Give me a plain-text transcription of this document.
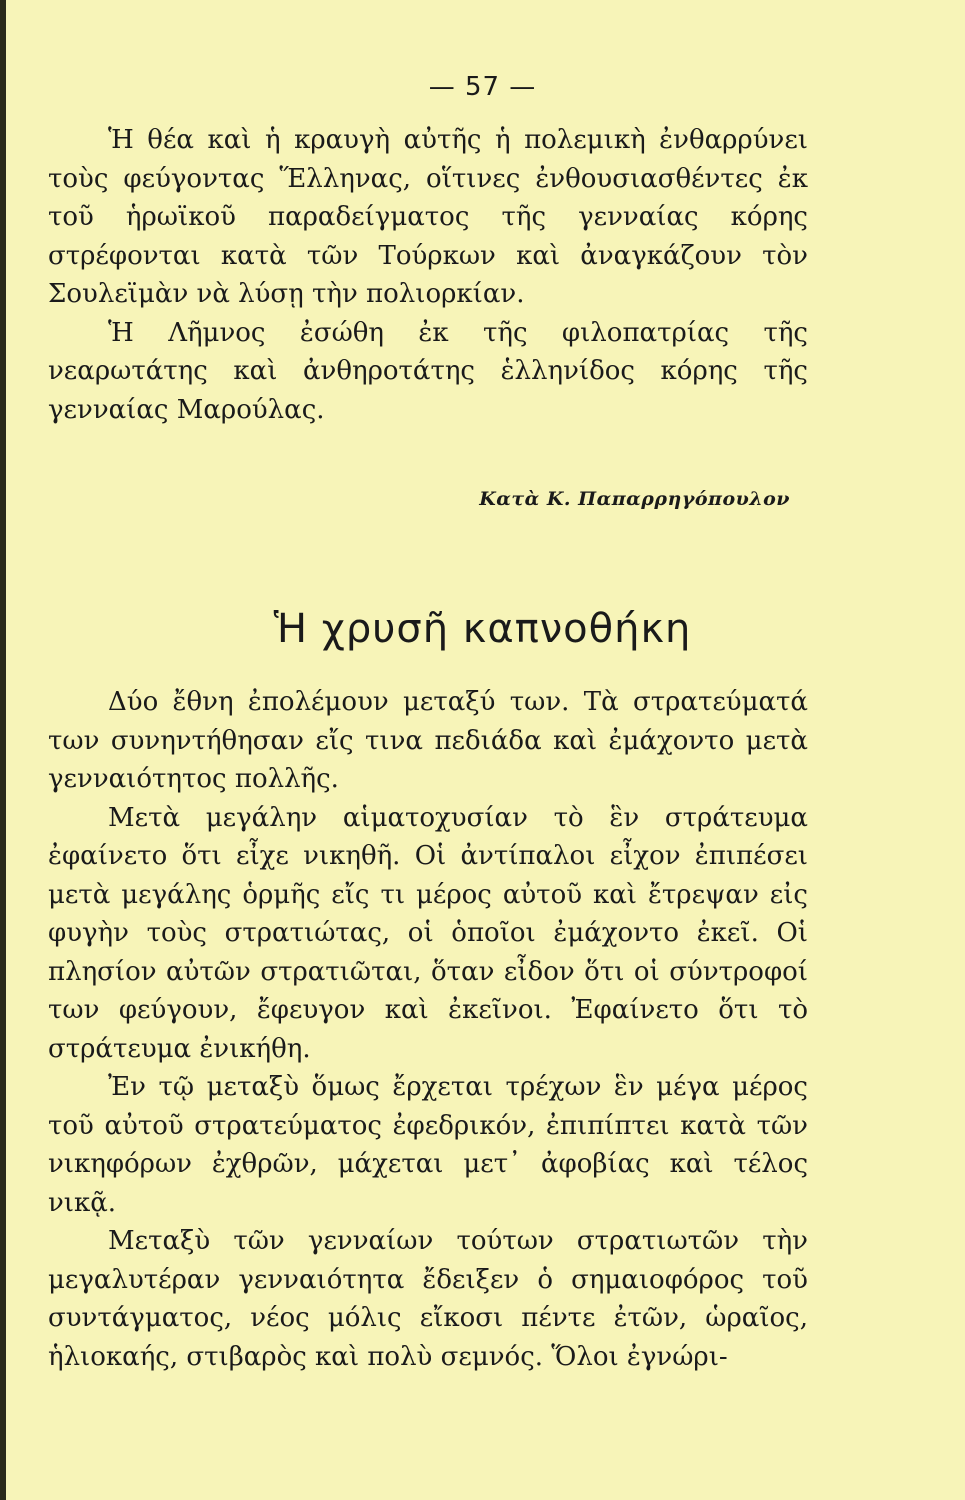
— 57 —

Ἡ θέα καὶ ἡ κραυγὴ αὐτῆς ἡ πολεμικὴ ἐνθαρρύνει τοὺς φεύγοντας Ἕλληνας, οἵτινες ἐνθουσιασθέντες ἐκ τοῦ ἡρωϊκοῦ παραδείγματος τῆς γενναίας κόρης στρέφονται κατὰ τῶν Τούρκων καὶ ἀναγκάζουν τὸν Σουλεϊμὰν νὰ λύσῃ τὴν πολιορκίαν.

Ἡ Λῆμνος ἐσώθη ἐκ τῆς φιλοπατρίας τῆς νεαρωτάτης καὶ ἀνθηροτάτης ἑλληνίδος κόρης τῆς γενναίας Μαρούλας.

Κατὰ Κ. Παπαρρηγόπουλον
Ἡ χρυσῆ καπνοθήκη

Δύο ἔθνη ἐπολέμουν μεταξύ των. Τὰ στρατεύματά των συνηντήθησαν εἴς τινα πεδιάδα καὶ ἐμάχοντο μετὰ γενναιότητος πολλῆς.

Μετὰ μεγάλην αἱματοχυσίαν τὸ ἓν στράτευμα ἐφαίνετο ὅτι εἶχε νικηθῆ. Οἱ ἀντίπαλοι εἶχον ἐπιπέσει μετὰ μεγάλης ὁρμῆς εἴς τι μέρος αὐτοῦ καὶ ἔτρεψαν εἰς φυγὴν τοὺς στρατιώτας, οἱ ὁποῖοι ἐμάχοντο ἐκεῖ. Οἱ πλησίον αὐτῶν στρατιῶται, ὅταν εἶδον ὅτι οἱ σύντροφοί των φεύγουν, ἔφευγον καὶ ἐκεῖνοι. Ἐφαίνετο ὅτι τὸ στράτευμα ἐνικήθη.

Ἐν τῷ μεταξὺ ὅμως ἔρχεται τρέχων ἓν μέγα μέρος τοῦ αὐτοῦ στρατεύματος ἐφεδρικόν, ἐπιπίπτει κατὰ τῶν νικηφόρων ἐχθρῶν, μάχεται μετ᾽ ἀφοβίας καὶ τέλος νικᾷ.

Μεταξὺ τῶν γενναίων τούτων στρατιωτῶν τὴν μεγαλυτέραν γενναιότητα ἔδειξεν ὁ σημαιοφόρος τοῦ συντάγματος, νέος μόλις εἴκοσι πέντε ἐτῶν, ὡραῖος, ἡλιοκαής, στιβαρὸς καὶ πολὺ σεμνός. Ὅλοι ἐγνώρι-
